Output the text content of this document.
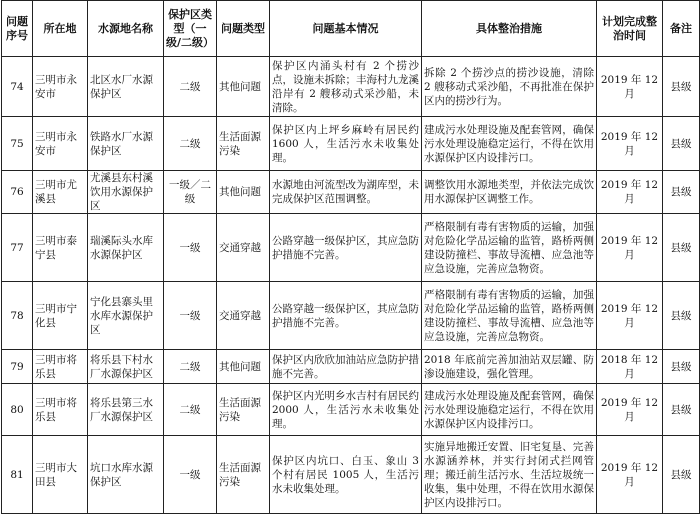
问题序号	所在地	水源地名称	保护区类型（一级/二级）	问题类型	问题基本情况	具体整治措施	计划完成整治时间	备注
74	三明市永安市	北区水厂水源保护区	二级	其他问题	保护区内涌头村有 2 个捞沙点，设施未拆除；丰海村九龙溪沿岸有 2 艘移动式采沙船，未清除。	拆除 2 个捞沙点的捞沙设施，清除 2 艘移动式采沙船，不再批准在保护区内的捞沙行为。	2019 年 12 月	县级
75	三明市永安市	铁路水厂水源保护区	二级	生活面源污染	保护区内上坪乡麻岭有居民约 1600 人，生活污水未收集处理。	建成污水处理设施及配套管网，确保污水处理设施稳定运行，不得在饮用水源保护区内设排污口。	2019 年 12 月	县级
76	三明市尤溪县	尤溪县东村溪饮用水源保护区	一级／二级	其他问题	水源地由河流型改为湖库型，未完成保护区范围调整。	调整饮用水源地类型，并依法完成饮用水源保护区调整工作。	2019 年 12 月	县级
77	三明市泰宁县	瑞溪际头水库水源保护区	一级	交通穿越	公路穿越一级保护区，其应急防护措施不完善。	严格限制有毒有害物质的运输，加强对危险化学品运输的监管，路桥两侧建设防撞栏、事故导流槽、应急池等应急设施，完善应急物资。	2019 年 12 月	县级
78	三明市宁化县	宁化县寨头里水库水源保护区	一级	交通穿越	公路穿越一级保护区，其应急防护措施不完善。	严格限制有毒有害物质的运输，加强对危险化学品运输的监管，路桥两侧建设防撞栏、事故导流槽、应急池等应急设施，完善应急物资。	2019 年 12 月	县级
79	三明市将乐县	将乐县下村水厂水源保护区	二级	其他问题	保护区内欣欣加油站应急防护措施不完善。	2018 年底前完善加油站双层罐、防渗设施建设，强化管理。	2018 年 12 月	县级
80	三明市将乐县	将乐县第三水厂水源保护区	二级	生活面源污染	保护区内光明乡水吉村有居民约 2000 人，生活污水未收集处理。	建成污水处理设施及配套管网，确保污水处理设施稳定运行，不得在饮用水源保护区内设排污口。	2019 年 12 月	县级
81	三明市大田县	坑口水库水源保护区	一级	生活面源污染	保护区内坑口、白玉、象山 3 个村有居民 1005 人，生活污水未收集处理。	实施异地搬迁安置、旧宅复垦、完善水源涵养林，并实行封闭式拦网管理；搬迁前生活污水、生活垃圾统一收集，集中处理，不得在饮用水源保护区内设排污口。	2019 年 12 月	县级
